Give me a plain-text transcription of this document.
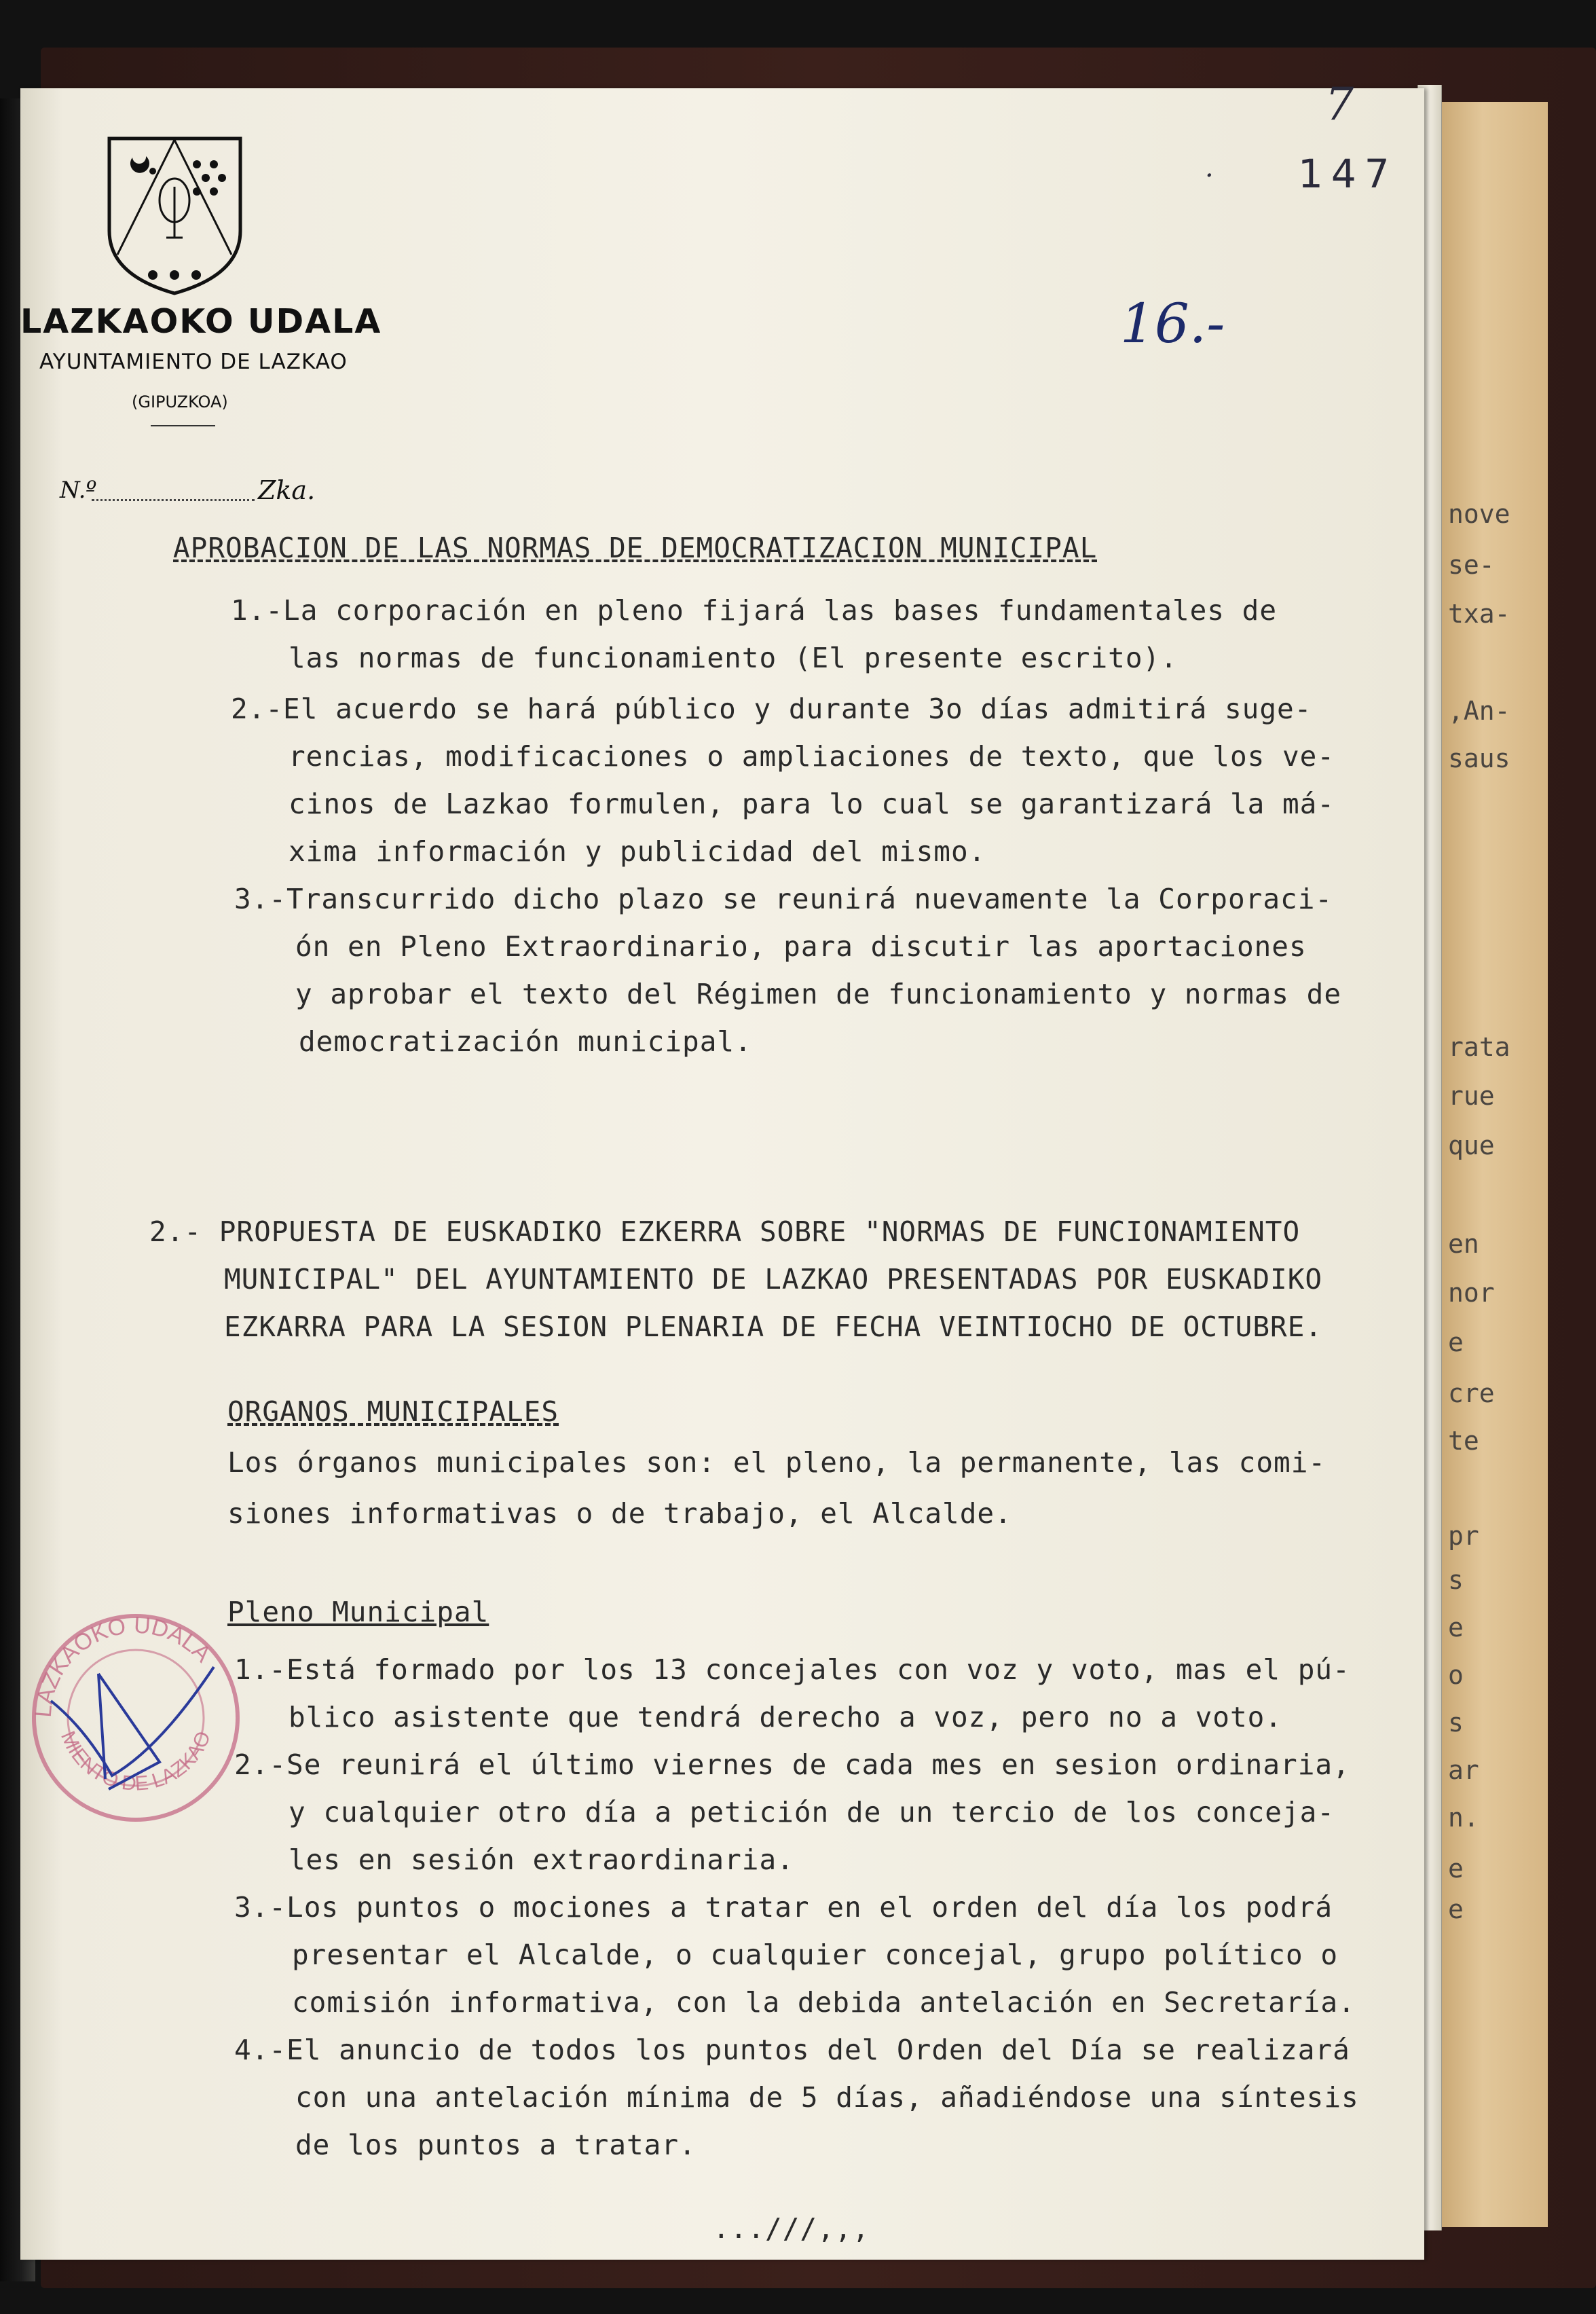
nove
se-
txa-
,An-
saus
rata
rue
que
en
nor
e
cre
te
pr
s
e
o
s
ar
n.
e
e
LAZKAOKO UDALA
AYUNTAMIENTO DE LAZKAO
(GIPUZKOA)
N.º	Zka.
7
147
·
16.-
APROBACION DE LAS NORMAS DE DEMOCRATIZACION MUNICIPAL
1.-La corporación en pleno fijará las bases fundamentales de
las normas de funcionamiento (El presente escrito).
2.-El acuerdo se hará público y durante 3o días admitirá suge-
rencias, modificaciones o ampliaciones de texto, que los ve-
cinos de Lazkao formulen, para lo cual se garantizará la má-
xima información y publicidad del mismo.
3.-Transcurrido dicho plazo se reunirá nuevamente la Corporaci-
ón en Pleno Extraordinario, para discutir las aportaciones
y aprobar el texto del Régimen de funcionamiento y normas de
democratización municipal.
2.- PROPUESTA DE EUSKADIKO EZKERRA SOBRE "NORMAS DE FUNCIONAMIENTO
MUNICIPAL" DEL AYUNTAMIENTO DE LAZKAO PRESENTADAS POR EUSKADIKO
EZKARRA PARA LA SESION PLENARIA DE FECHA VEINTIOCHO DE OCTUBRE.
ORGANOS MUNICIPALES
Los órganos municipales son: el pleno, la permanente, las comi-
siones informativas o de trabajo, el Alcalde.
Pleno Municipal
1.-Está formado por los 13 concejales con voz y voto, mas el pú-
blico asistente que tendrá derecho a voz, pero no a voto.
2.-Se reunirá el último viernes de cada mes en sesion ordinaria,
y cualquier otro día a petición de un tercio de los conceja-
les en sesión extraordinaria.
3.-Los puntos o mociones a tratar en el orden del día los podrá
presentar el Alcalde, o cualquier concejal, grupo político o
comisión informativa, con la debida antelación en Secretaría.
4.-El anuncio de todos los puntos del Orden del Día se realizará
con una antelación mínima de 5 días, añadiéndose una síntesis
de los puntos a tratar.
...///,,,
LAZKAOKO UDALA
MIENTO DE LAZKAO
